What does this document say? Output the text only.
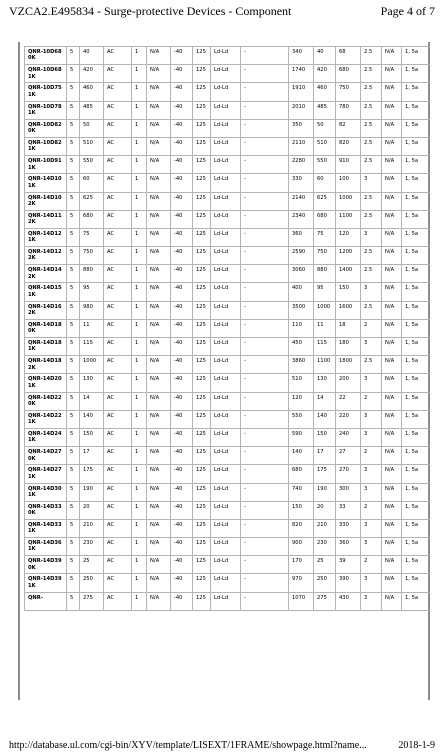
VZCA2.E495834 - Surge-protective Devices - Component	Page 4 of 7
QNR-10D680K	5	40	AC	1	N/A	-40	125	Ld-Ld	-	340	40	68	2.5	N/A	1, 5a
QNR-10D681K	5	420	AC	1	N/A	-40	125	Ld-Ld	-	1740	420	680	2.5	N/A	1, 5a
QNR-10D751K	5	460	AC	1	N/A	-40	125	Ld-Ld	-	1910	460	750	2.5	N/A	1, 5a
QNR-10D781K	5	485	AC	1	N/A	-40	125	Ld-Ld	-	2010	485	780	2.5	N/A	1, 5a
QNR-10D820K	5	50	AC	1	N/A	-40	125	Ld-Ld	-	350	50	82	2.5	N/A	1, 5a
QNR-10D821K	5	510	AC	1	N/A	-40	125	Ld-Ld	-	2110	510	820	2.5	N/A	1, 5a
QNR-10D911K	5	550	AC	1	N/A	-40	125	Ld-Ld	-	2280	550	910	2.5	N/A	1, 5a
QNR-14D101K	5	60	AC	1	N/A	-40	125	Ld-Ld	-	330	60	100	3	N/A	1, 5a
QNR-14D102K	5	625	AC	1	N/A	-40	125	Ld-Ld	-	2140	625	1000	2.5	N/A	1, 5a
QNR-14D112K	5	680	AC	1	N/A	-40	125	Ld-Ld	-	2340	680	1100	2.5	N/A	1, 5a
QNR-14D121K	5	75	AC	1	N/A	-40	125	Ld-Ld	-	360	75	120	3	N/A	1, 5a
QNR-14D122K	5	750	AC	1	N/A	-40	125	Ld-Ld	-	2590	750	1200	2.5	N/A	1, 5a
QNR-14D142K	5	880	AC	1	N/A	-40	125	Ld-Ld	-	3060	880	1400	2.5	N/A	1, 5a
QNR-14D151K	5	95	AC	1	N/A	-40	125	Ld-Ld	-	400	95	150	3	N/A	1, 5a
QNR-14D162K	5	980	AC	1	N/A	-40	125	Ld-Ld	-	3500	1000	1600	2.5	N/A	1, 5a
QNR-14D180K	5	11	AC	1	N/A	-40	125	Ld-Ld	-	110	11	18	2	N/A	1, 5a
QNR-14D181K	5	115	AC	1	N/A	-40	125	Ld-Ld	-	450	115	180	3	N/A	1, 5a
QNR-14D182K	5	1000	AC	1	N/A	-40	125	Ld-Ld	-	3860	1100	1800	2.5	N/A	1, 5a
QNR-14D201K	5	130	AC	1	N/A	-40	125	Ld-Ld	-	510	130	200	3	N/A	1, 5a
QNR-14D220K	5	14	AC	1	N/A	-40	125	Ld-Ld	-	120	14	22	2	N/A	1, 5a
QNR-14D221K	5	140	AC	1	N/A	-40	125	Ld-Ld	-	550	140	220	3	N/A	1, 5a
QNR-14D241K	5	150	AC	1	N/A	-40	125	Ld-Ld	-	590	150	240	3	N/A	1, 5a
QNR-14D270K	5	17	AC	1	N/A	-40	125	Ld-Ld	-	140	17	27	2	N/A	1, 5a
QNR-14D271K	5	175	AC	1	N/A	-40	125	Ld-Ld	-	680	175	270	3	N/A	1, 5a
QNR-14D301K	5	190	AC	1	N/A	-40	125	Ld-Ld	-	740	190	300	3	N/A	1, 5a
QNR-14D330K	5	20	AC	1	N/A	-40	125	Ld-Ld	-	150	20	33	2	N/A	1, 5a
QNR-14D331K	5	210	AC	1	N/A	-40	125	Ld-Ld	-	820	210	330	3	N/A	1, 5a
QNR-14D361K	5	230	AC	1	N/A	-40	125	Ld-Ld	-	900	230	360	3	N/A	1, 5a
QNR-14D390K	5	25	AC	1	N/A	-40	125	Ld-Ld	-	170	25	39	2	N/A	1, 5a
QNR-14D391K	5	250	AC	1	N/A	-40	125	Ld-Ld	-	970	250	390	3	N/A	1, 5a
QNR-	5	275	AC	1	N/A	-40	125	Ld-Ld	-	1070	275	430	3	N/A	1, 5a
http://database.ul.com/cgi-bin/XYV/template/LISEXT/1FRAME/showpage.html?name...	2018-1-9
